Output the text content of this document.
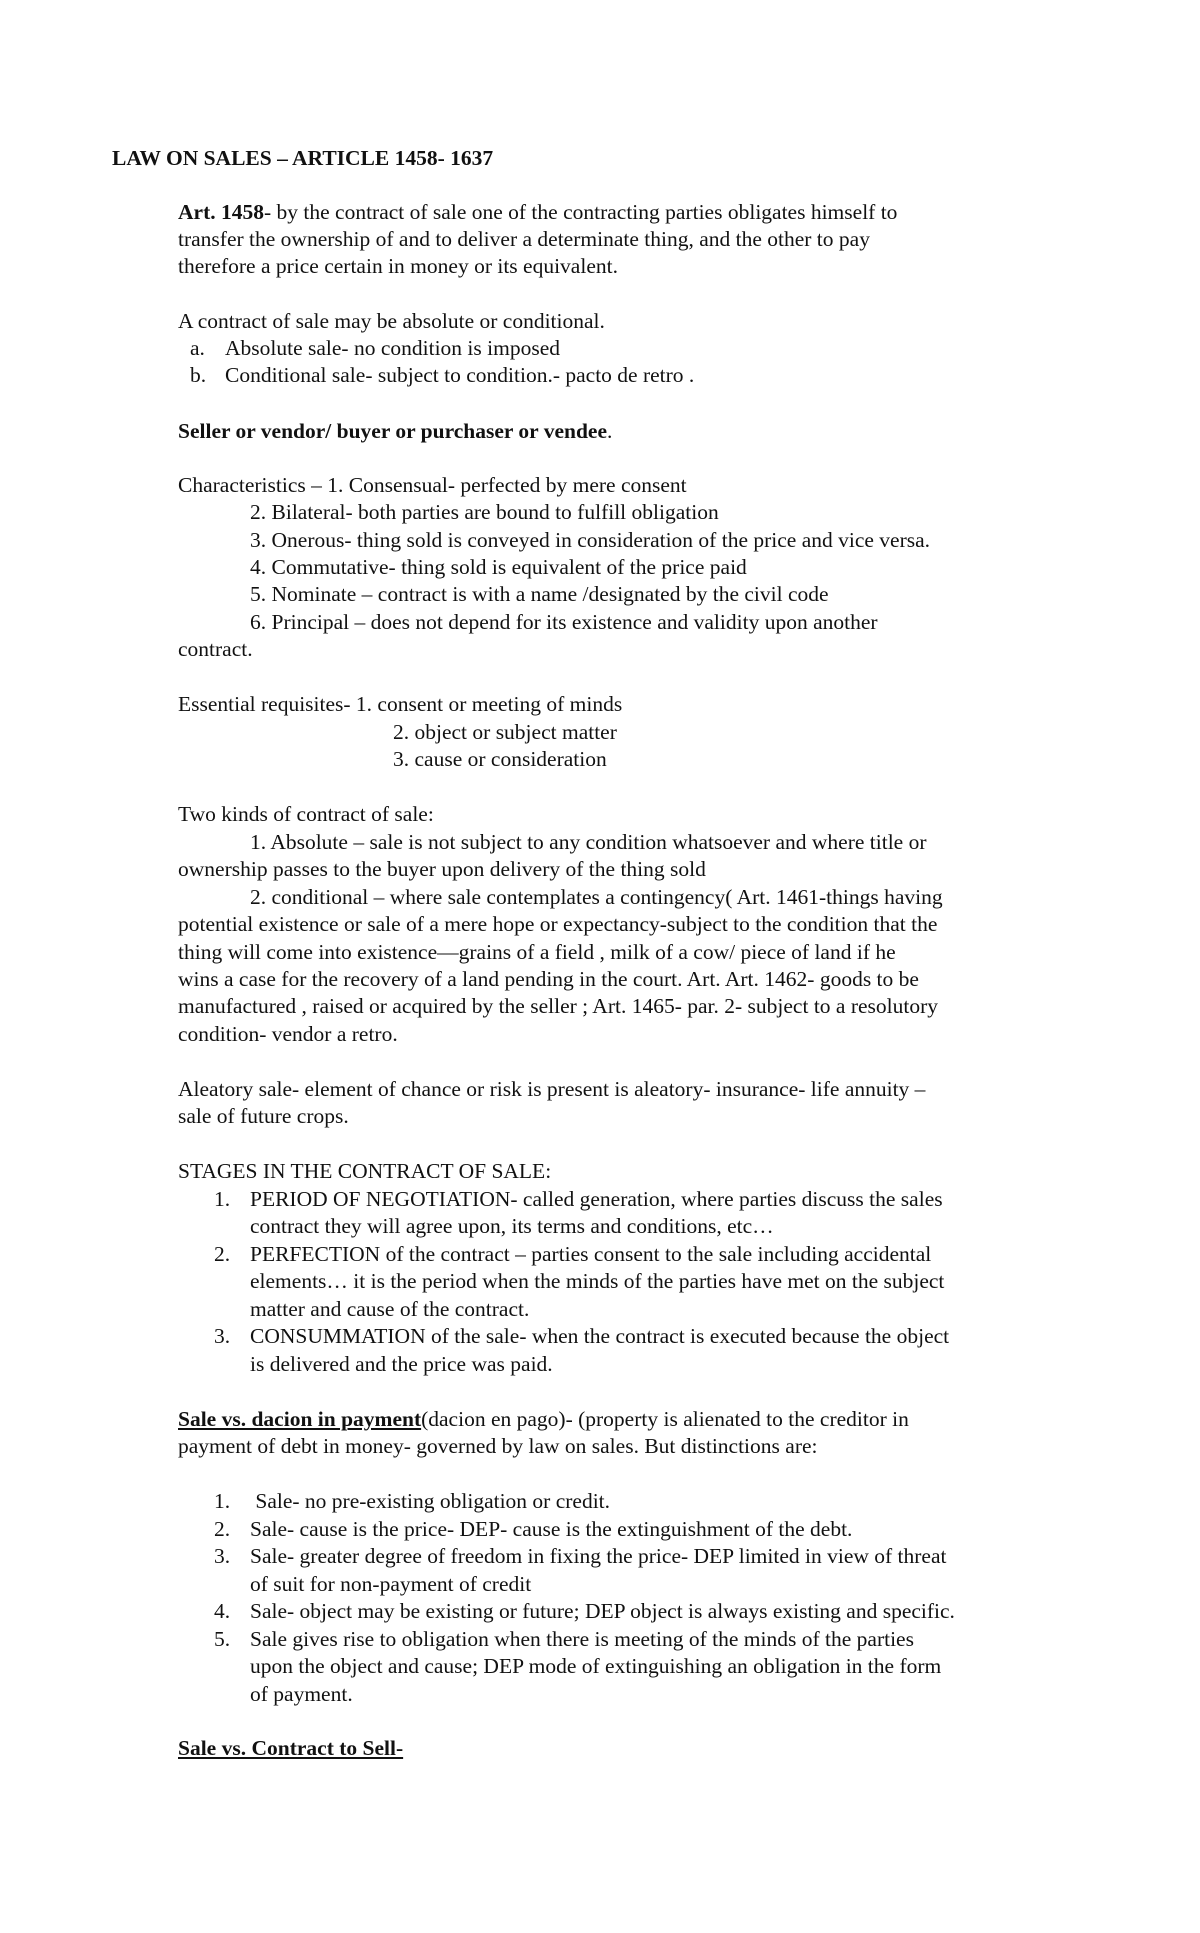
LAW ON SALES – ARTICLE 1458- 1637
Art. 1458- by the contract of sale one of the contracting parties obligates himself to
transfer the ownership of and to deliver a determinate thing, and the other to pay
therefore a price certain in money or its equivalent.
A contract of sale may be absolute or conditional.
a. Absolute sale- no condition is imposed
b. Conditional sale- subject to condition.- pacto de retro .
Seller or vendor/ buyer or purchaser or vendee.
Characteristics – 1. Consensual- perfected by mere consent
2. Bilateral- both parties are bound to fulfill obligation
3. Onerous- thing sold is conveyed in consideration of the price and vice versa.
4. Commutative- thing sold is equivalent of the price paid
5. Nominate – contract is with a name /designated by the civil code
6. Principal – does not depend for its existence and validity upon another
contract.
Essential requisites- 1. consent or meeting of minds
2. object or subject matter
3. cause or consideration
Two kinds of contract of sale:
1. Absolute – sale is not subject to any condition whatsoever and where title or
ownership passes to the buyer upon delivery of the thing sold
2. conditional – where sale contemplates a contingency( Art. 1461-things having
potential existence or sale of a mere hope or expectancy-subject to the condition that the
thing will come into existence—grains of a field , milk of a cow/ piece of land if he
wins a case for the recovery of a land pending in the court. Art. Art. 1462- goods to be
manufactured , raised or acquired by the seller ; Art. 1465- par. 2- subject to a resolutory
condition- vendor a retro.
Aleatory sale- element of chance or risk is present is aleatory- insurance- life annuity –
sale of future crops.
STAGES IN THE CONTRACT OF SALE:
1. PERIOD OF NEGOTIATION- called generation, where parties discuss the sales
contract they will agree upon, its terms and conditions, etc…
2. PERFECTION of the contract – parties consent to the sale including accidental
elements… it is the period when the minds of the parties have met on the subject
matter and cause of the contract.
3. CONSUMMATION of the sale- when the contract is executed because the object
is delivered and the price was paid.
Sale vs. dacion in payment(dacion en pago)- (property is alienated to the creditor in
payment of debt in money- governed by law on sales. But distinctions are:
1. Sale- no pre-existing obligation or credit.
2. Sale- cause is the price- DEP- cause is the extinguishment of the debt.
3. Sale- greater degree of freedom in fixing the price- DEP limited in view of threat
of suit for non-payment of credit
4. Sale- object may be existing or future; DEP object is always existing and specific.
5. Sale gives rise to obligation when there is meeting of the minds of the parties
upon the object and cause; DEP mode of extinguishing an obligation in the form
of payment.
Sale vs. Contract to Sell-
